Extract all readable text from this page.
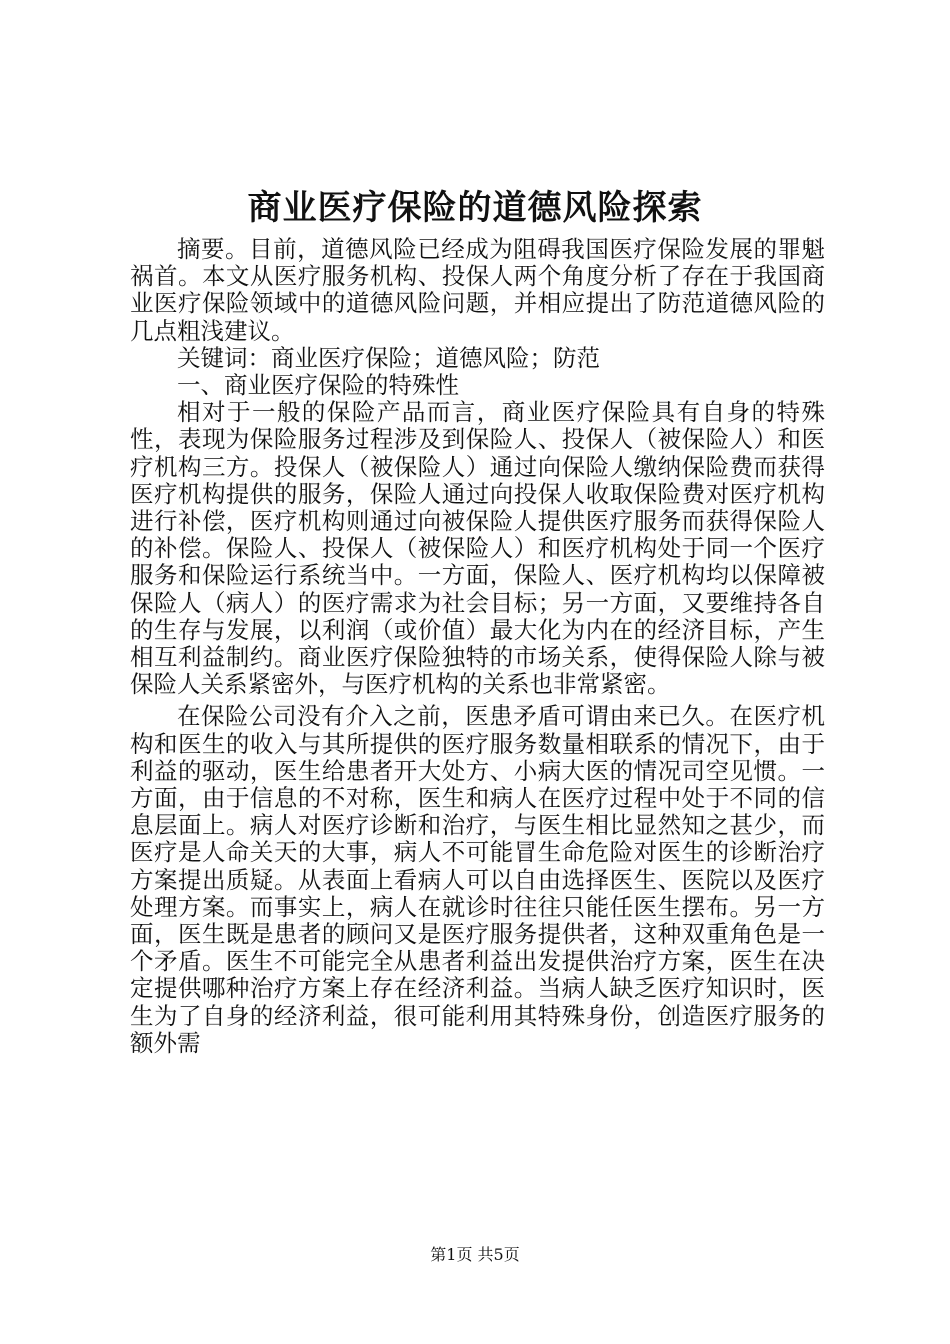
商业医疗保险的道德风险探索

摘要。目前，道德风险已经成为阻碍我国医疗保险发展的罪魁祸首。本文从医疗服务机构、投保人两个角度分析了存在于我国商业医疗保险领域中的道德风险问题，并相应提出了防范道德风险的几点粗浅建议。

关键词：商业医疗保险；道德风险；防范

一、商业医疗保险的特殊性

相对于一般的保险产品而言，商业医疗保险具有自身的特殊性，表现为保险服务过程涉及到保险人、投保人（被保险人）和医疗机构三方。投保人（被保险人）通过向保险人缴纳保险费而获得医疗机构提供的服务，保险人通过向投保人收取保险费对医疗机构进行补偿，医疗机构则通过向被保险人提供医疗服务而获得保险人的补偿。保险人、投保人（被保险人）和医疗机构处于同一个医疗服务和保险运行系统当中。一方面，保险人、医疗机构均以保障被保险人（病人）的医疗需求为社会目标；另一方面，又要维持各自的生存与发展，以利润（或价值）最大化为内在的经济目标，产生相互利益制约。商业医疗保险独特的市场关系，使得保险人除与被保险人关系紧密外，与医疗机构的关系也非常紧密。

在保险公司没有介入之前，医患矛盾可谓由来已久。在医疗机构和医生的收入与其所提供的医疗服务数量相联系的情况下，由于利益的驱动，医生给患者开大处方、小病大医的情况司空见惯。一方面，由于信息的不对称，医生和病人在医疗过程中处于不同的信息层面上。病人对医疗诊断和治疗，与医生相比显然知之甚少，而医疗是人命关天的大事，病人不可能冒生命危险对医生的诊断治疗方案提出质疑。从表面上看病人可以自由选择医生、医院以及医疗处理方案。而事实上，病人在就诊时往往只能任医生摆布。另一方面，医生既是患者的顾问又是医疗服务提供者，这种双重角色是一个矛盾。医生不可能完全从患者利益出发提供治疗方案，医生在决定提供哪种治疗方案上存在经济利益。当病人缺乏医疗知识时，医生为了自身的经济利益，很可能利用其特殊身份，创造医疗服务的额外需

第1页 共5页
